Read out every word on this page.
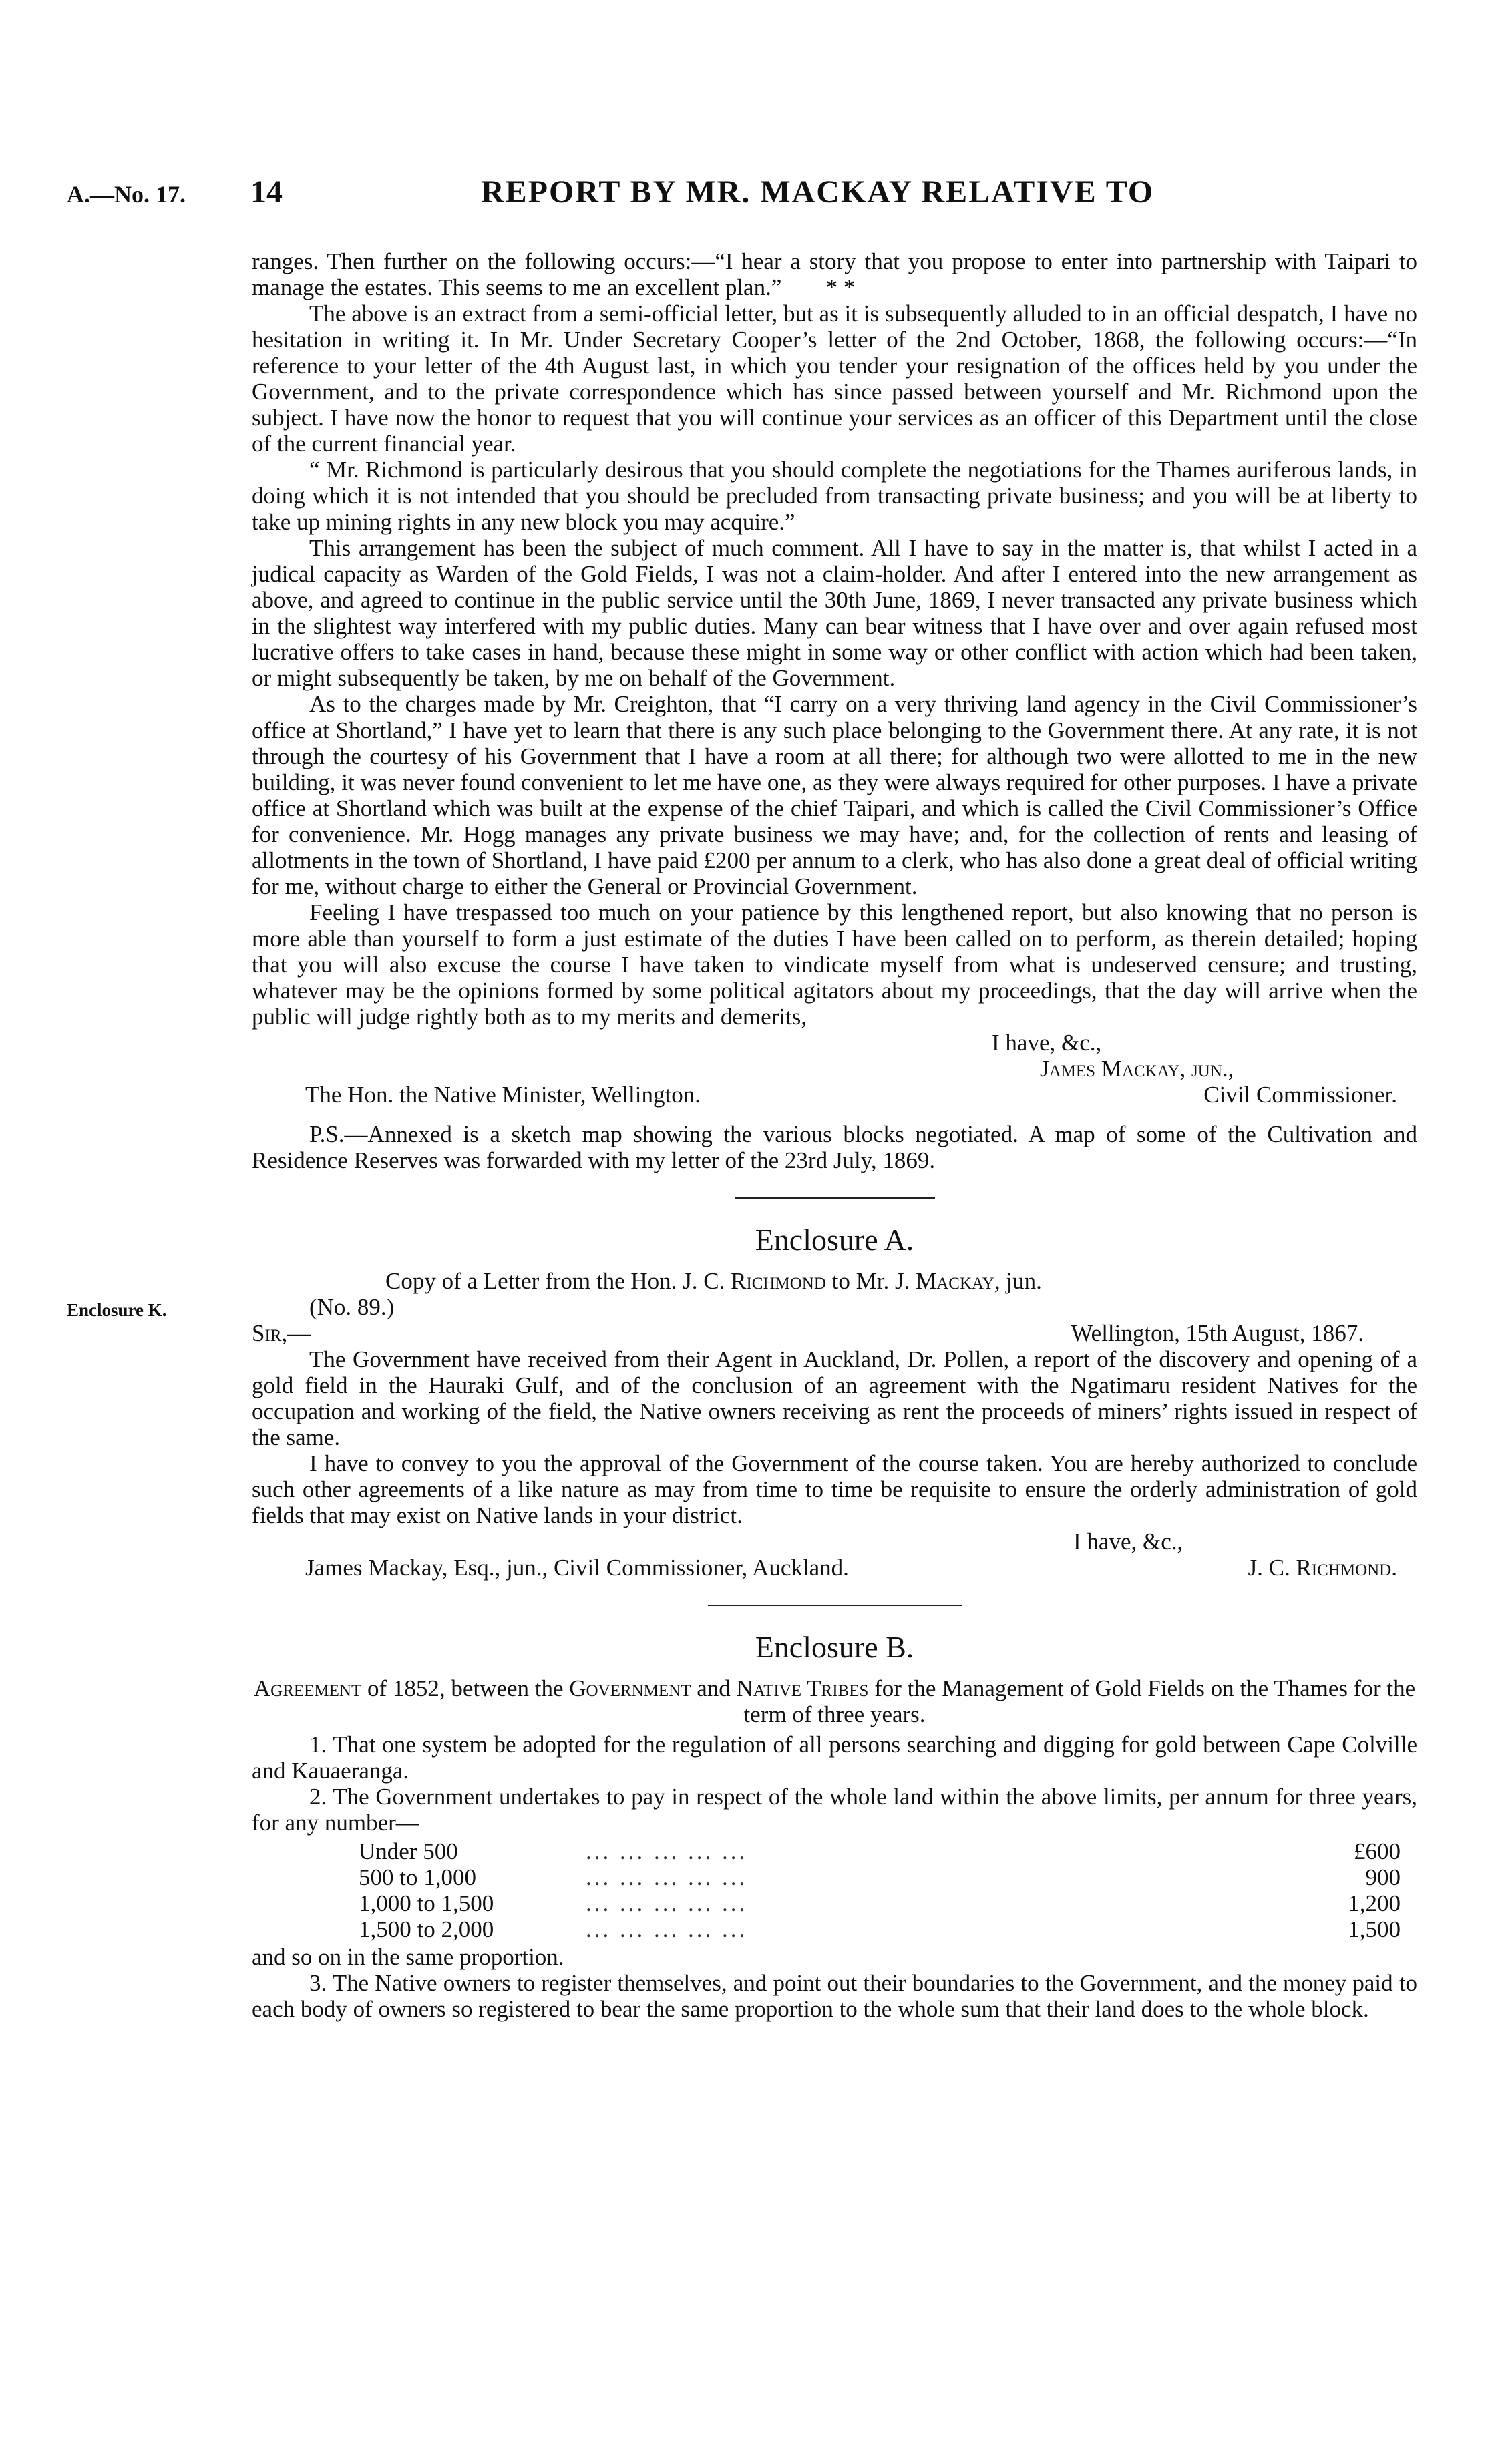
A.—No. 17. 14	REPORT BY MR. MACKAY RELATIVE TO
Enclosure K.

ranges. Then further on the following occurs:—“I hear a story that you propose to enter into partnership with Taipari to manage the estates. This seems to me an excellent plan.” * *

The above is an extract from a semi-official letter, but as it is subsequently alluded to in an official despatch, I have no hesitation in writing it. In Mr. Under Secretary Cooper’s letter of the 2nd October, 1868, the following occurs:—“In reference to your letter of the 4th August last, in which you tender your resignation of the offices held by you under the Government, and to the private correspondence which has since passed between yourself and Mr. Richmond upon the subject. I have now the honor to request that you will continue your services as an officer of this Department until the close of the current financial year.

“ Mr. Richmond is particularly desirous that you should complete the negotiations for the Thames auriferous lands, in doing which it is not intended that you should be precluded from transacting private business; and you will be at liberty to take up mining rights in any new block you may acquire.”

This arrangement has been the subject of much comment. All I have to say in the matter is, that whilst I acted in a judical capacity as Warden of the Gold Fields, I was not a claim-holder. And after I entered into the new arrangement as above, and agreed to continue in the public service until the 30th June, 1869, I never transacted any private business which in the slightest way interfered with my public duties. Many can bear witness that I have over and over again refused most lucrative offers to take cases in hand, because these might in some way or other conflict with action which had been taken, or might subsequently be taken, by me on behalf of the Government.

As to the charges made by Mr. Creighton, that “I carry on a very thriving land agency in the Civil Commissioner’s office at Shortland,” I have yet to learn that there is any such place belonging to the Government there. At any rate, it is not through the courtesy of his Government that I have a room at all there; for although two were allotted to me in the new building, it was never found convenient to let me have one, as they were always required for other purposes. I have a private office at Shortland which was built at the expense of the chief Taipari, and which is called the Civil Commissioner’s Office for convenience. Mr. Hogg manages any private business we may have; and, for the collection of rents and leasing of allotments in the town of Shortland, I have paid £200 per annum to a clerk, who has also done a great deal of official writing for me, without charge to either the General or Provincial Government.

Feeling I have trespassed too much on your patience by this lengthened report, but also knowing that no person is more able than yourself to form a just estimate of the duties I have been called on to perform, as therein detailed; hoping that you will also excuse the course I have taken to vindicate myself from what is undeserved censure; and trusting, whatever may be the opinions formed by some political agitators about my proceedings, that the day will arrive when the public will judge rightly both as to my merits and demerits,

I have, &c.,

James Mackay, jun.,

The Hon. the Native Minister, Wellington.	Civil Commissioner.

P.S.—Annexed is a sketch map showing the various blocks negotiated. A map of some of the Cultivation and Residence Reserves was forwarded with my letter of the 23rd July, 1869.

Enclosure A.

Copy of a Letter from the Hon. J. C. Richmond to Mr. J. Mackay, jun.

(No. 89.)

Sir,—	Wellington, 15th August, 1867.

The Government have received from their Agent in Auckland, Dr. Pollen, a report of the discovery and opening of a gold field in the Hauraki Gulf, and of the conclusion of an agreement with the Ngatimaru resident Natives for the occupation and working of the field, the Native owners receiving as rent the proceeds of miners’ rights issued in respect of the same.

I have to convey to you the approval of the Government of the course taken. You are hereby authorized to conclude such other agreements of a like nature as may from time to time be requisite to ensure the orderly administration of gold fields that may exist on Native lands in your district.

I have, &c.,

James Mackay, Esq., jun., Civil Commissioner, Auckland.	J. C. Richmond.

Enclosure B.

Agreement of 1852, between the Government and Native Tribes for the Management of Gold Fields on the Thames for the term of three years.

1. That one system be adopted for the regulation of all persons searching and digging for gold between Cape Colville and Kauaeranga.

2. The Government undertakes to pay in respect of the whole land within the above limits, per annum for three years, for any number—

Under 500	... ... ... ... ...	£600
500 to 1,000	... ... ... ... ...	900
1,000 to 1,500	... ... ... ... ...	1,200
1,500 to 2,000	... ... ... ... ...	1,500

and so on in the same proportion.

3. The Native owners to register themselves, and point out their boundaries to the Government, and the money paid to each body of owners so registered to bear the same proportion to the whole sum that their land does to the whole block.
